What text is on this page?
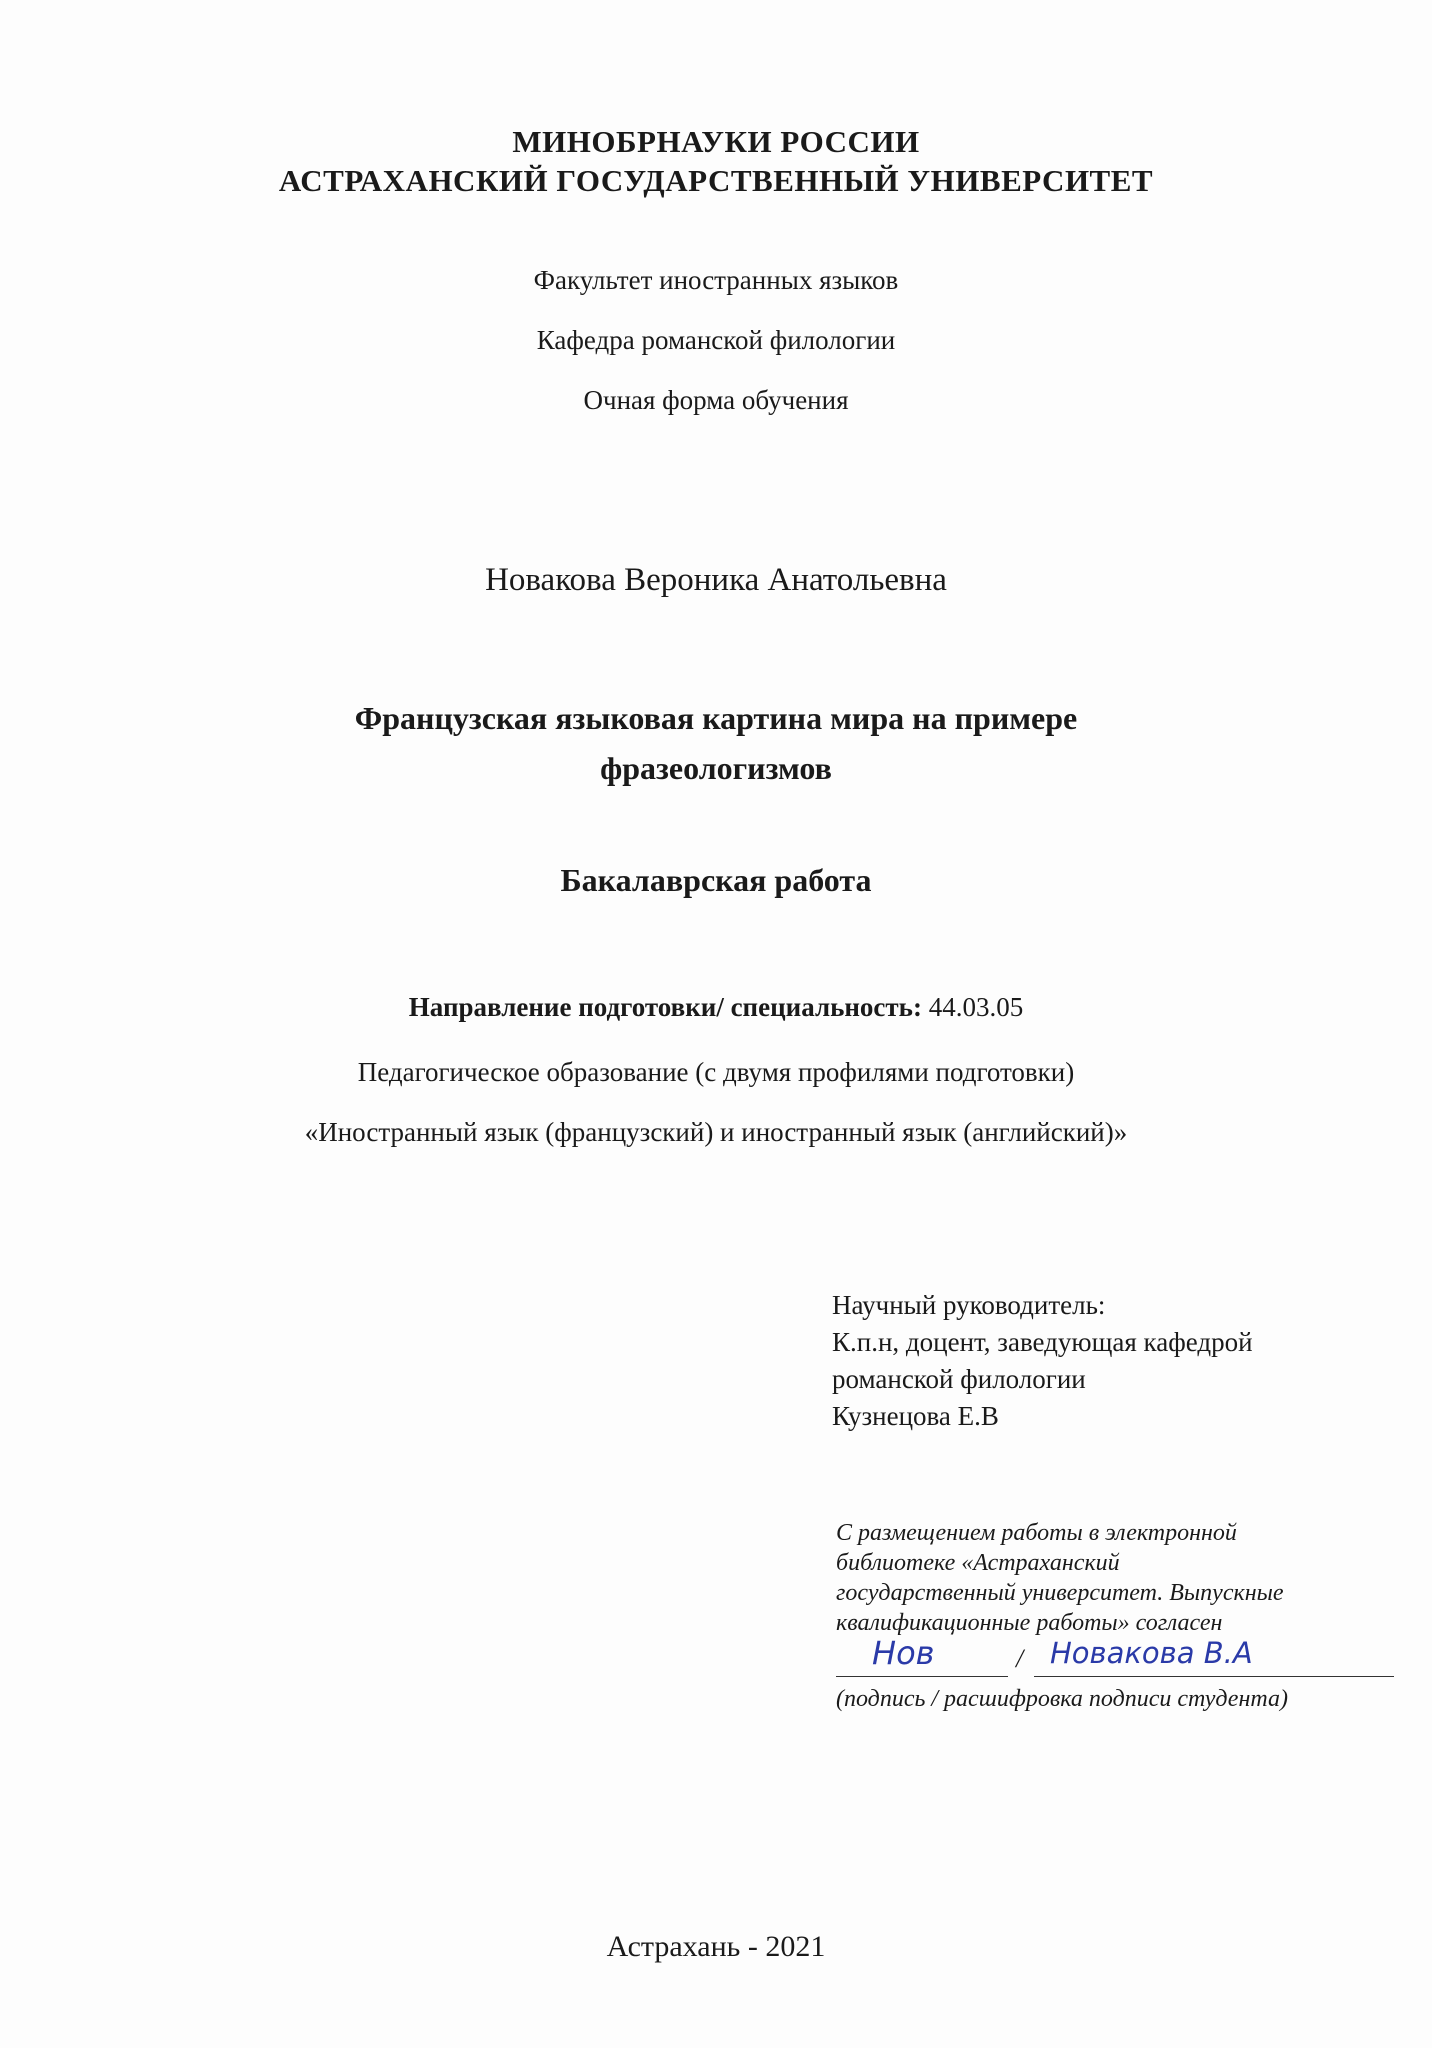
МИНОБРНАУКИ РОССИИ
АСТРАХАНСКИЙ ГОСУДАРСТВЕННЫЙ УНИВЕРСИТЕТ
Факультет иностранных языков
Кафедра романской филологии
Очная форма обучения
Новакова Вероника Анатольевна
Французская языковая картина мира на примере
фразеологизмов
Бакалаврская работа
Направление подготовки/ специальность: 44.03.05
Педагогическое образование (с двумя профилями подготовки)
«Иностранный язык (французский) и иностранный язык (английский)»
Научный руководитель:
К.п.н, доцент, заведующая кафедрой
романской филологии
Кузнецова Е.В
С размещением работы в электронной
библиотеке «Астраханский
государственный университет. Выпускные
квалификационные работы» согласен
Нов	/ Новакова В.А
(подпись / расшифровка подписи студента)
Астрахань - 2021
